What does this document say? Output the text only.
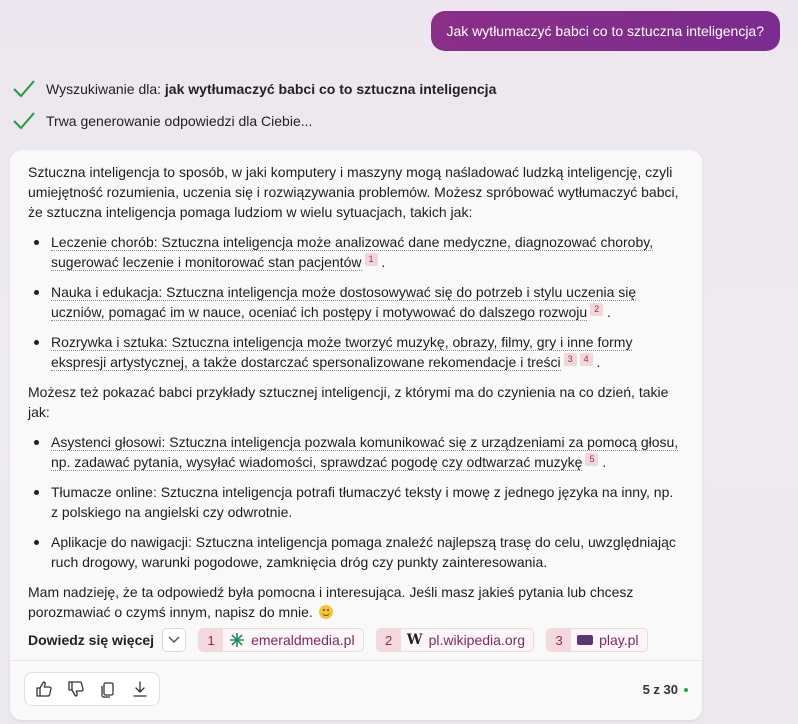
Jak wytłumaczyć babci co to sztuczna inteligencja?
Wyszukiwanie dla: jak wytłumaczyć babci co to sztuczna inteligencja
Trwa generowanie odpowiedzi dla Ciebie...

Sztuczna inteligencja to sposób, w jaki komputery i maszyny mogą naśladować ludzką inteligencję, czyli umiejętność rozumienia, uczenia się i rozwiązywania problemów. Możesz spróbować wytłumaczyć babci, że sztuczna inteligencja pomaga ludziom w wielu sytuacjach, takich jak:

Leczenie chorób: Sztuczna inteligencja może analizować dane medyczne, diagnozować choroby, sugerować leczenie i monitorować stan pacjentów 1 .
Nauka i edukacja: Sztuczna inteligencja może dostosowywać się do potrzeb i stylu uczenia się uczniów, pomagać im w nauce, oceniać ich postępy i motywować do dalszego rozwoju 2 .
Rozrywka i sztuka: Sztuczna inteligencja może tworzyć muzykę, obrazy, filmy, gry i inne formy ekspresji artystycznej, a także dostarczać spersonalizowane rekomendacje i treści 3 4 .

Możesz też pokazać babci przykłady sztucznej inteligencji, z którymi ma do czynienia na co dzień, takie jak:

Asystenci głosowi: Sztuczna inteligencja pozwala komunikować się z urządzeniami za pomocą głosu, np. zadawać pytania, wysyłać wiadomości, sprawdzać pogodę czy odtwarzać muzykę 5 .
Tłumacze online: Sztuczna inteligencja potrafi tłumaczyć teksty i mowę z jednego języka na inny, np. z polskiego na angielski czy odwrotnie.
Aplikacje do nawigacji: Sztuczna inteligencja pomaga znaleźć najlepszą trasę do celu, uwzględniając ruch drogowy, warunki pogodowe, zamknięcia dróg czy punkty zainteresowania.

Mam nadzieję, że ta odpowiedź była pomocna i interesująca. Jeśli masz jakieś pytania lub chcesz porozmawiać o czymś innym, napisz do mnie.

Dowiedz się więcej	1	emeraldmedia.pl	2	W pl.wikipedia.org	3	play.pl
5 z 30
